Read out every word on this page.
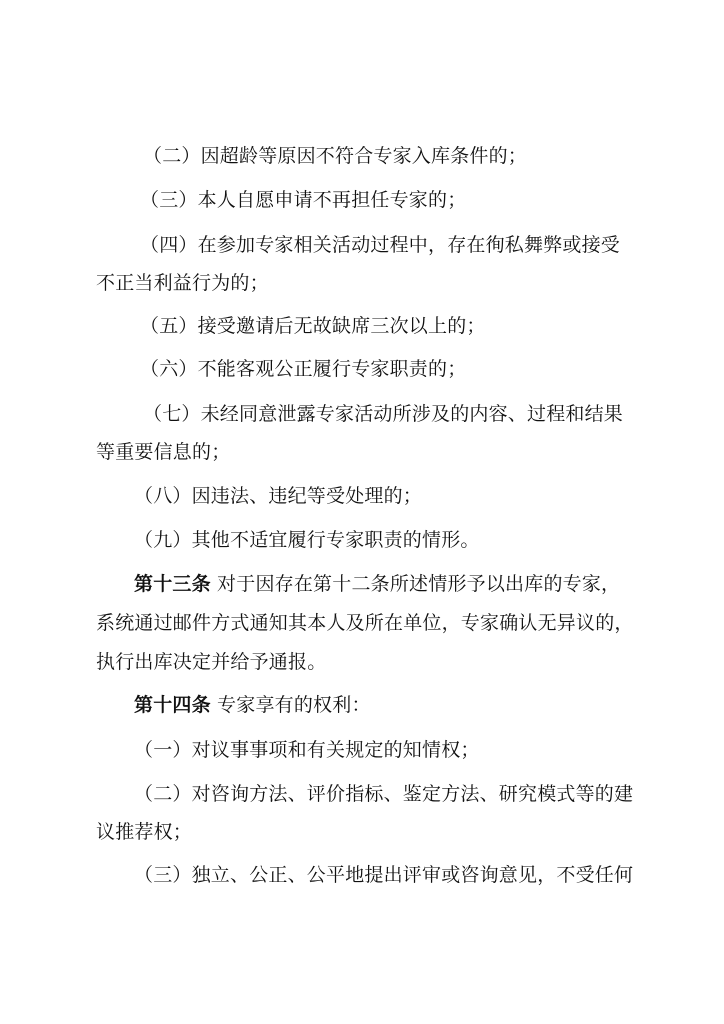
（二）因超龄等原因不符合专家入库条件的；
（三）本人自愿申请不再担任专家的；
（四）在参加专家相关活动过程中，存在徇私舞弊或接受
不正当利益行为的；
（五）接受邀请后无故缺席三次以上的；
（六）不能客观公正履行专家职责的；
（七）未经同意泄露专家活动所涉及的内容、过程和结果
等重要信息的；
（八）因违法、违纪等受处理的；
（九）其他不适宜履行专家职责的情形。
第十三条 对于因存在第十二条所述情形予以出库的专家，
系统通过邮件方式通知其本人及所在单位，专家确认无异议的，
执行出库决定并给予通报。
第十四条 专家享有的权利：
（一）对议事事项和有关规定的知情权；
（二）对咨询方法、评价指标、鉴定方法、研究模式等的建
议推荐权；
（三）独立、公正、公平地提出评审或咨询意见，不受任何
